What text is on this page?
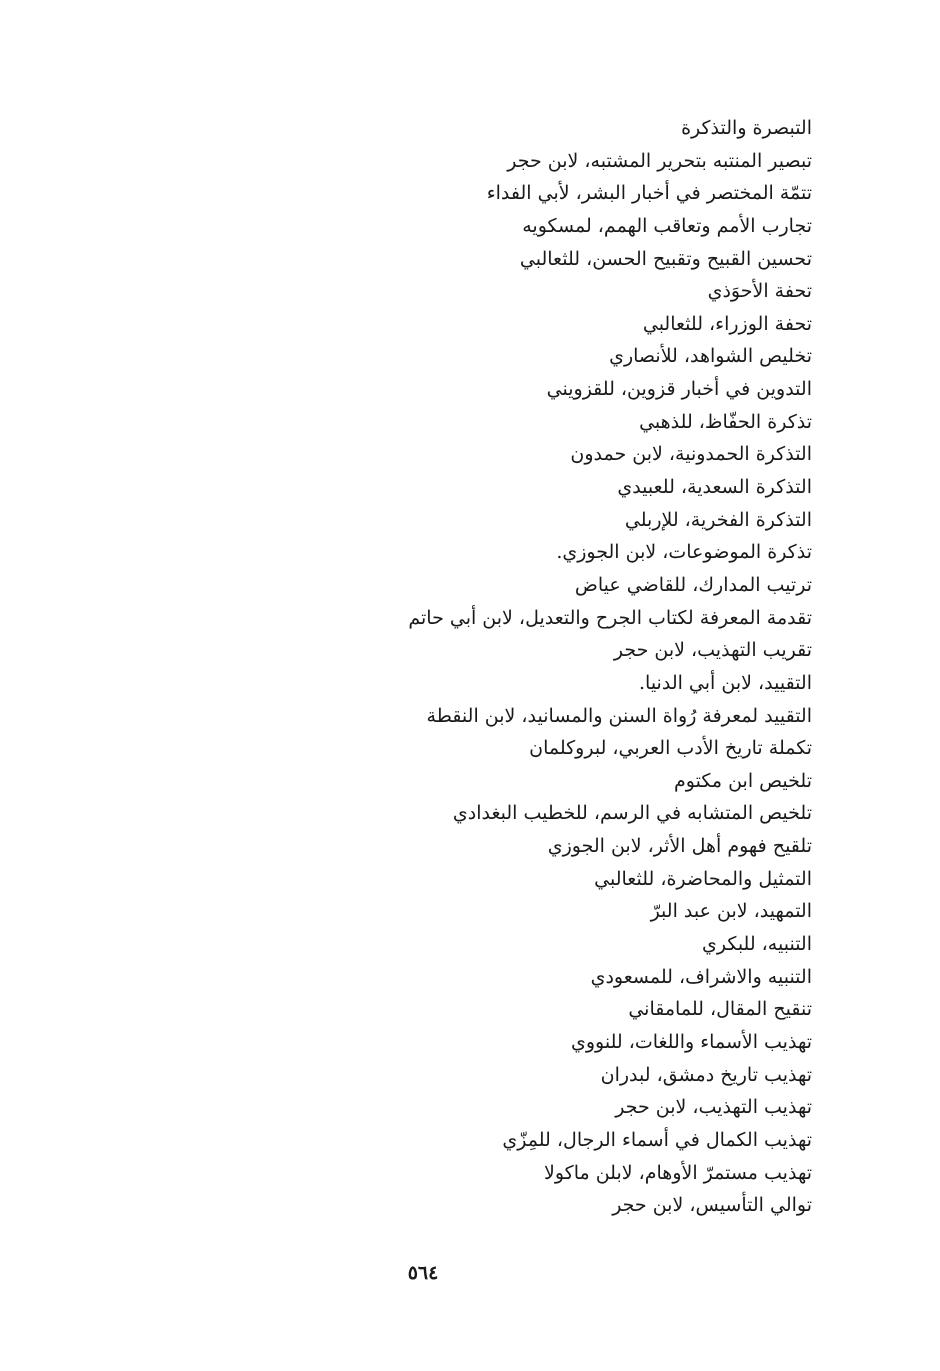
التبصرة والتذكرة
تبصير المنتبه بتحرير المشتبه، لابن حجر
تتمّة المختصر في أخبار البشر، لأبي الفداء
تجارب الأمم وتعاقب الهمم، لمسكويه
تحسين القبيح وتقبيح الحسن، للثعالبي
تحفة الأحوَذي
تحفة الوزراء، للثعالبي
تخليص الشواهد، للأنصاري
التدوين في أخبار قزوين، للقزويني
تذكرة الحفّاظ، للذهبي
التذكرة الحمدونية، لابن حمدون
التذكرة السعدية، للعبيدي
التذكرة الفخرية، للإربلي
تذكرة الموضوعات، لابن الجوزي.
ترتيب المدارك، للقاضي عياض
تقدمة المعرفة لكتاب الجرح والتعديل، لابن أبي حاتم
تقريب التهذيب، لابن حجر
التقييد، لابن أبي الدنيا.
التقييد لمعرفة رُواة السنن والمسانيد، لابن النقطة
تكملة تاريخ الأدب العربي، لبروكلمان
تلخيص ابن مكتوم
تلخيص المتشابه في الرسم، للخطيب البغدادي
تلقيح فهوم أهل الأثر، لابن الجوزي
التمثيل والمحاضرة، للثعالبي
التمهيد، لابن عبد البرّ
التنبيه، للبكري
التنبيه والاشراف، للمسعودي
تنقيح المقال، للمامقاني
تهذيب الأسماء واللغات، للنووي
تهذيب تاريخ دمشق، لبدران
تهذيب التهذيب، لابن حجر
تهذيب الكمال في أسماء الرجال، للمِزّي
تهذيب مستمرّ الأوهام، لابلن ماكولا
توالي التأسيس، لابن حجر
٥٦٤
